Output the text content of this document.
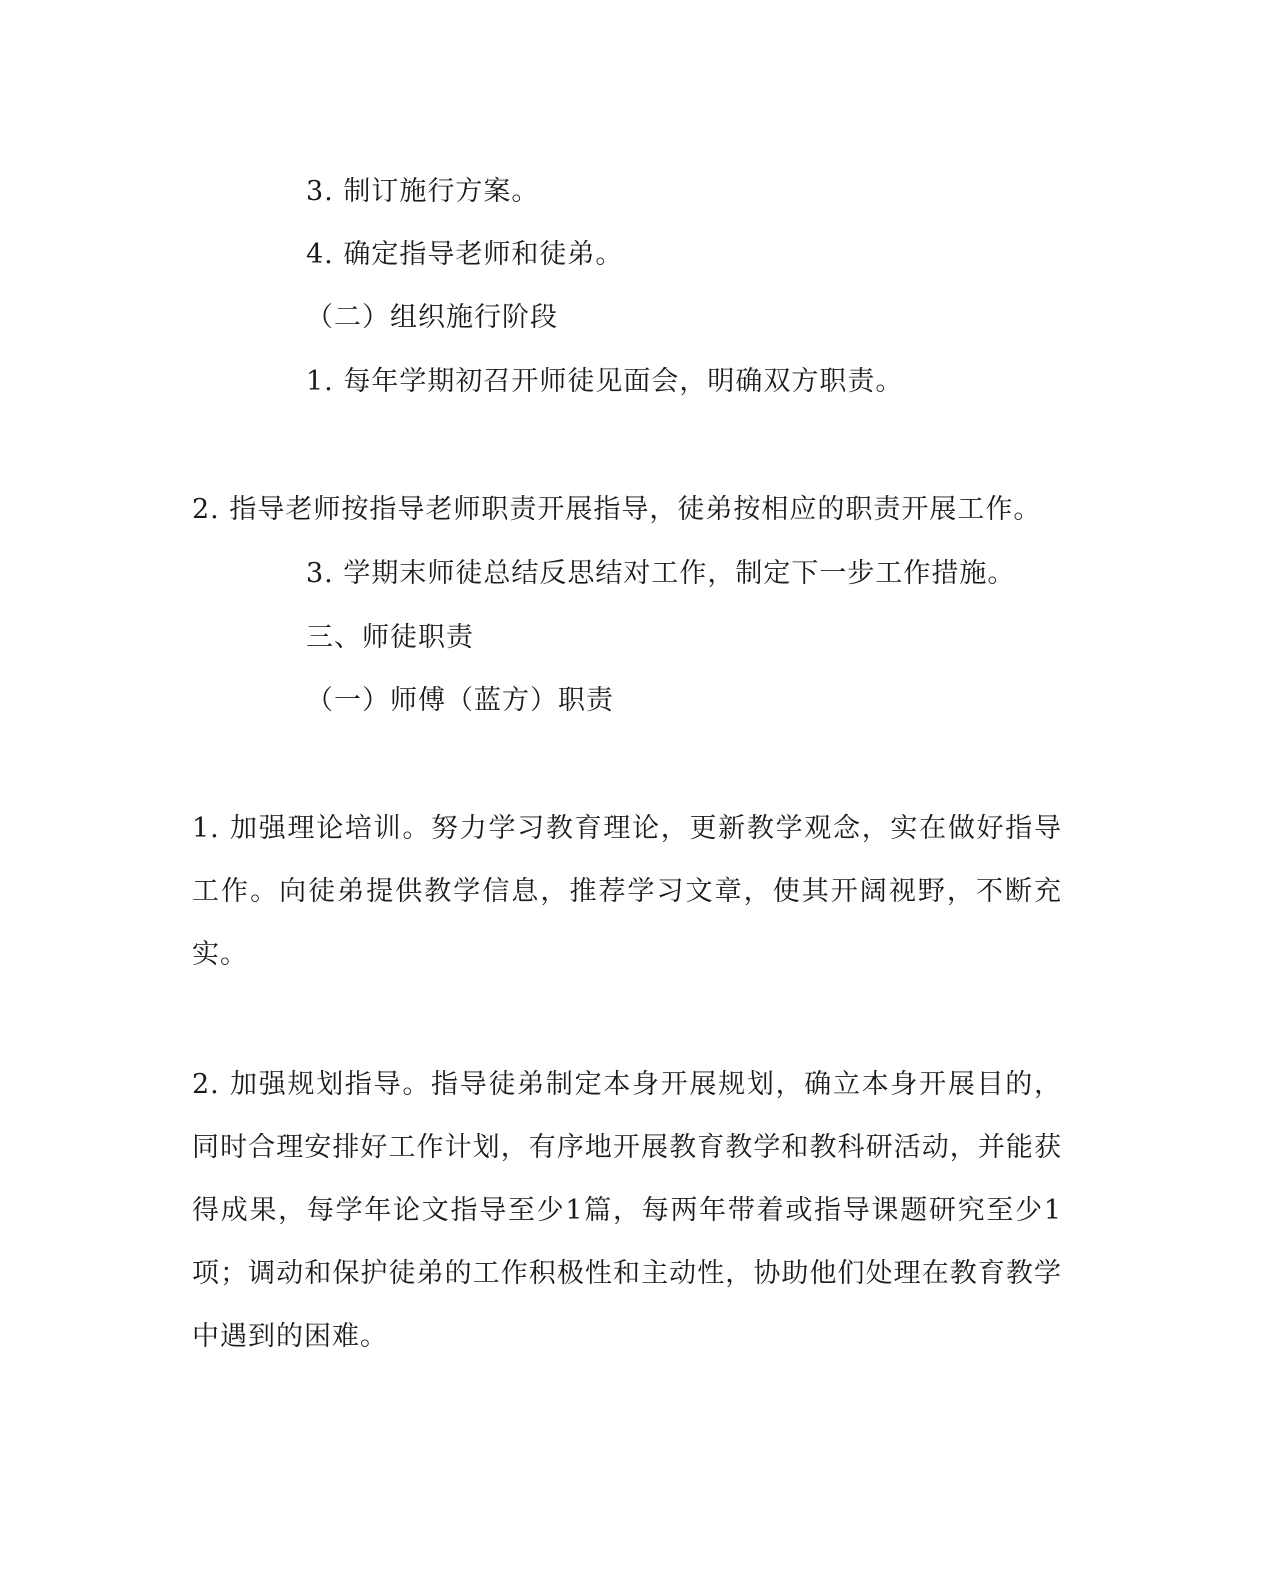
3. 制订施行方案。
4. 确定指导老师和徒弟。
（二）组织施行阶段
1. 每年学期初召开师徒见面会，明确双方职责。
2. 指导老师按指导老师职责开展指导，徒弟按相应的职责开展工作。
3. 学期末师徒总结反思结对工作，制定下一步工作措施。
三、师徒职责
（一）师傅（蓝方）职责
1. 加强理论培训。努力学习教育理论，更新教学观念，实在做好指导工作。向徒弟提供教学信息，推荐学习文章，使其开阔视野，不断充实。
2. 加强规划指导。指导徒弟制定本身开展规划，确立本身开展目的，同时合理安排好工作计划，有序地开展教育教学和教科研活动，并能获得成果，每学年论文指导至少1篇，每两年带着或指导课题研究至少1项；调动和保护徒弟的工作积极性和主动性，协助他们处理在教育教学中遇到的困难。
